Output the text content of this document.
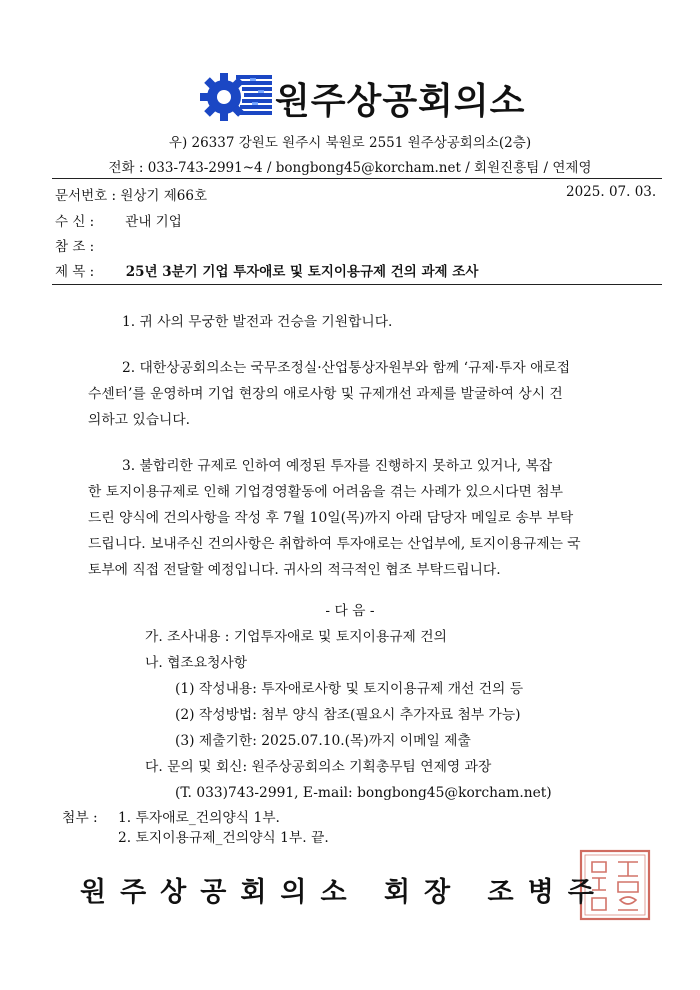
원주상공회의소
우) 26337 강원도 원주시 북원로 2551 원주상공회의소(2층)
전화 : 033-743-2991~4 / bongbong45@korcham.net / 회원진흥팀 / 연제영
문서번호 : 원상기 제66호	2025. 07. 03.
수 신 : 관내 기업
참 조 :
제 목 : 25년 3분기 기업 투자애로 및 토지이용규제 건의 과제 조사
1. 귀 사의 무궁한 발전과 건승을 기원합니다.
2. 대한상공회의소는 국무조정실·산업통상자원부와 함께 ‘규제·투자 애로접
수센터’를 운영하며 기업 현장의 애로사항 및 규제개선 과제를 발굴하여 상시 건
의하고 있습니다.
3. 불합리한 규제로 인하여 예정된 투자를 진행하지 못하고 있거나, 복잡
한 토지이용규제로 인해 기업경영활동에 어려움을 겪는 사례가 있으시다면 첨부
드린 양식에 건의사항을 작성 후 7월 10일(목)까지 아래 담당자 메일로 송부 부탁
드립니다. 보내주신 건의사항은 취합하여 투자애로는 산업부에, 토지이용규제는 국
토부에 직접 전달할 예정입니다. 귀사의 적극적인 협조 부탁드립니다.
- 다 음 -
가. 조사내용 : 기업투자애로 및 토지이용규제 건의
나. 협조요청사항
(1) 작성내용: 투자애로사항 및 토지이용규제 개선 건의 등
(2) 작성방법: 첨부 양식 참조(필요시 추가자료 첨부 가능)
(3) 제출기한: 2025.07.10.(목)까지 이메일 제출
다. 문의 및 회신: 원주상공회의소 기획총무팀 연제영 과장
(T. 033)743-2991, E-mail: bongbong45@korcham.net)
첨부 : 1. 투자애로_건의양식 1부.
2. 토지이용규제_건의양식 1부. 끝.
원주상공회의소 회장 조병주
